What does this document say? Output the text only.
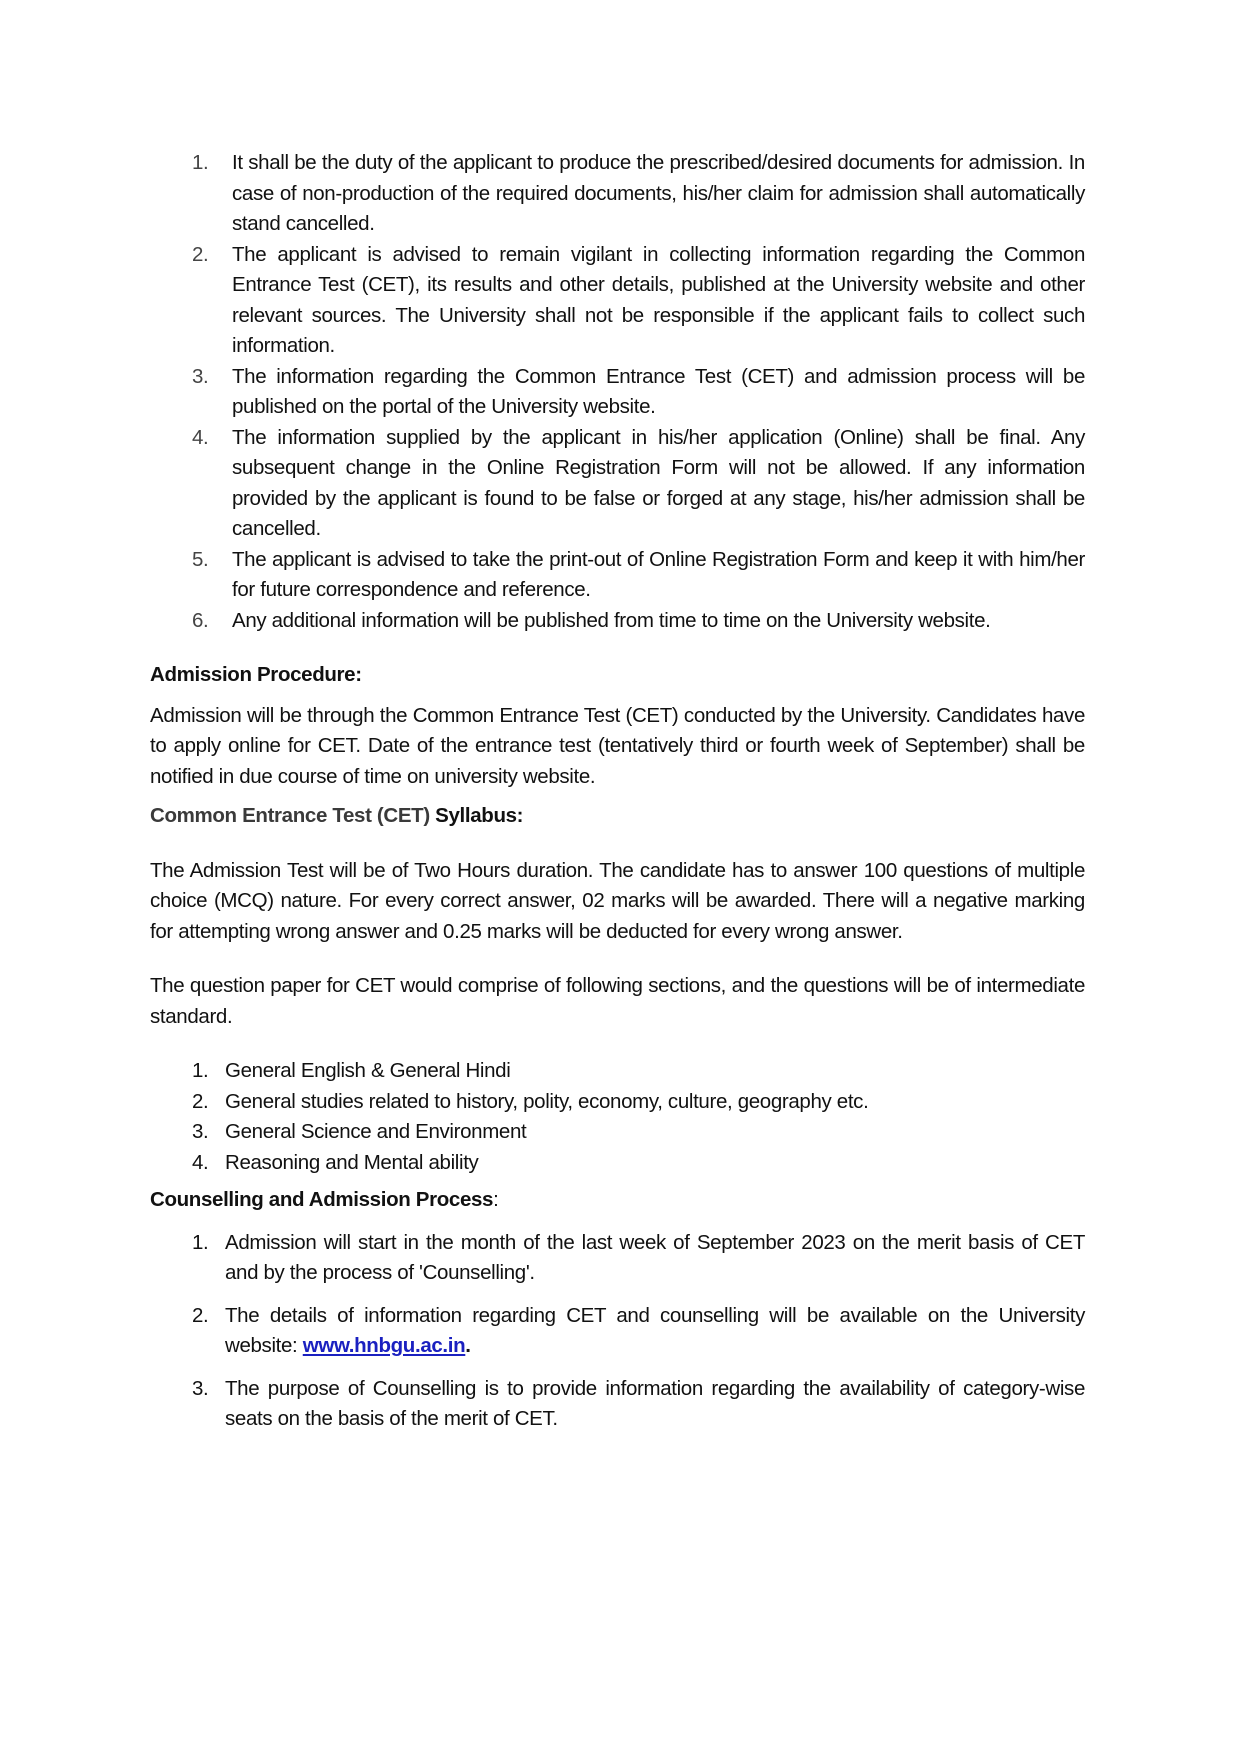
1. It shall be the duty of the applicant to produce the prescribed/desired documents for admission. In case of non-production of the required documents, his/her claim for admission shall automatically stand cancelled.
2. The applicant is advised to remain vigilant in collecting information regarding the Common Entrance Test (CET), its results and other details, published at the University website and other relevant sources. The University shall not be responsible if the applicant fails to collect such information.
3. The information regarding the Common Entrance Test (CET) and admission process will be published on the portal of the University website.
4. The information supplied by the applicant in his/her application (Online) shall be final. Any subsequent change in the Online Registration Form will not be allowed. If any information provided by the applicant is found to be false or forged at any stage, his/her admission shall be cancelled.
5. The applicant is advised to take the print-out of Online Registration Form and keep it with him/her for future correspondence and reference.
6. Any additional information will be published from time to time on the University website.

Admission Procedure:

Admission will be through the Common Entrance Test (CET) conducted by the University. Candidates have to apply online for CET. Date of the entrance test (tentatively third or fourth week of September) shall be notified in due course of time on university website.

Common Entrance Test (CET) Syllabus:

The Admission Test will be of Two Hours duration. The candidate has to answer 100 questions of multiple choice (MCQ) nature. For every correct answer, 02 marks will be awarded. There will a negative marking for attempting wrong answer and 0.25 marks will be deducted for every wrong answer.

The question paper for CET would comprise of following sections, and the questions will be of intermediate standard.

1. General English & General Hindi
2. General studies related to history, polity, economy, culture, geography etc.
3. General Science and Environment
4. Reasoning and Mental ability

Counselling and Admission Process:

1. Admission will start in the month of the last week of September 2023 on the merit basis of CET and by the process of 'Counselling'.
2. The details of information regarding CET and counselling will be available on the University website: www.hnbgu.ac.in.
3. The purpose of Counselling is to provide information regarding the availability of category-wise seats on the basis of the merit of CET.
